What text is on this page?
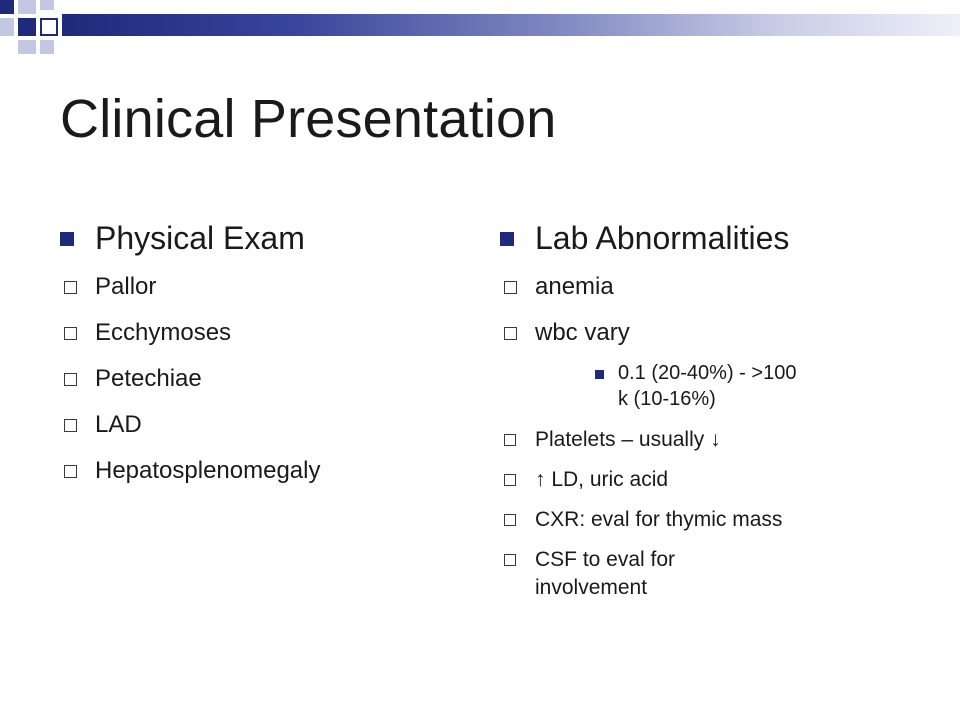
Clinical Presentation
Physical Exam
Pallor
Ecchymoses
Petechiae
LAD
Hepatosplenomegaly
Lab Abnormalities
anemia
wbc vary
0.1 (20-40%) - >100 k (10-16%)
Platelets – usually ↓
↑ LD, uric acid
CXR: eval for thymic mass
CSF to eval for involvement
